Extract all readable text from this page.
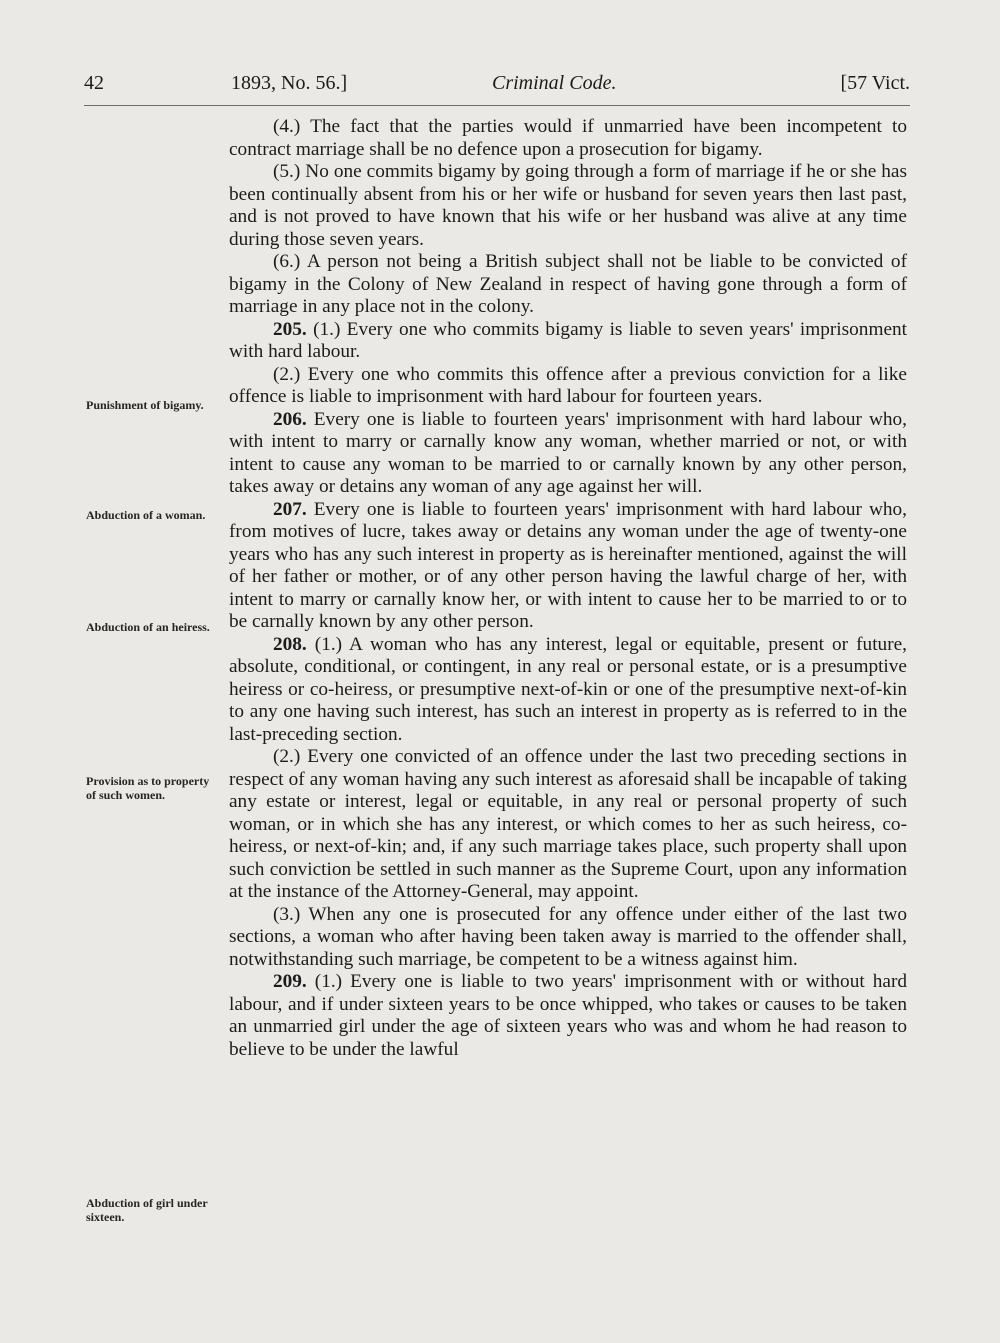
42	1893, No. 56.]	Criminal Code.	[57 Vict.
Punishment of bigamy.
Abduction of a woman.
Abduction of an heiress.
Provision as to property of such women.
Abduction of girl under sixteen.

(4.) The fact that the parties would if unmarried have been incompetent to contract marriage shall be no defence upon a prosecution for bigamy.

(5.) No one commits bigamy by going through a form of marriage if he or she has been continually absent from his or her wife or husband for seven years then last past, and is not proved to have known that his wife or her husband was alive at any time during those seven years.

(6.) A person not being a British subject shall not be liable to be convicted of bigamy in the Colony of New Zealand in respect of having gone through a form of marriage in any place not in the colony.

205. (1.) Every one who commits bigamy is liable to seven years' imprisonment with hard labour.

(2.) Every one who commits this offence after a previous conviction for a like offence is liable to imprisonment with hard labour for fourteen years.

206. Every one is liable to fourteen years' imprisonment with hard labour who, with intent to marry or carnally know any woman, whether married or not, or with intent to cause any woman to be married to or carnally known by any other person, takes away or detains any woman of any age against her will.

207. Every one is liable to fourteen years' imprisonment with hard labour who, from motives of lucre, takes away or detains any woman under the age of twenty-one years who has any such interest in property as is hereinafter mentioned, against the will of her father or mother, or of any other person having the lawful charge of her, with intent to marry or carnally know her, or with intent to cause her to be married to or to be carnally known by any other person.

208. (1.) A woman who has any interest, legal or equitable, present or future, absolute, conditional, or contingent, in any real or personal estate, or is a presumptive heiress or co-heiress, or presumptive next-of-kin or one of the presumptive next-of-kin to any one having such interest, has such an interest in property as is referred to in the last-preceding section.

(2.) Every one convicted of an offence under the last two preceding sections in respect of any woman having any such interest as aforesaid shall be incapable of taking any estate or interest, legal or equitable, in any real or personal property of such woman, or in which she has any interest, or which comes to her as such heiress, co-heiress, or next-of-kin; and, if any such marriage takes place, such property shall upon such conviction be settled in such manner as the Supreme Court, upon any information at the instance of the Attorney-General, may appoint.

(3.) When any one is prosecuted for any offence under either of the last two sections, a woman who after having been taken away is married to the offender shall, notwithstanding such marriage, be competent to be a witness against him.

209. (1.) Every one is liable to two years' imprisonment with or without hard labour, and if under sixteen years to be once whipped, who takes or causes to be taken an unmarried girl under the age of sixteen years who was and whom he had reason to believe to be under the lawful
